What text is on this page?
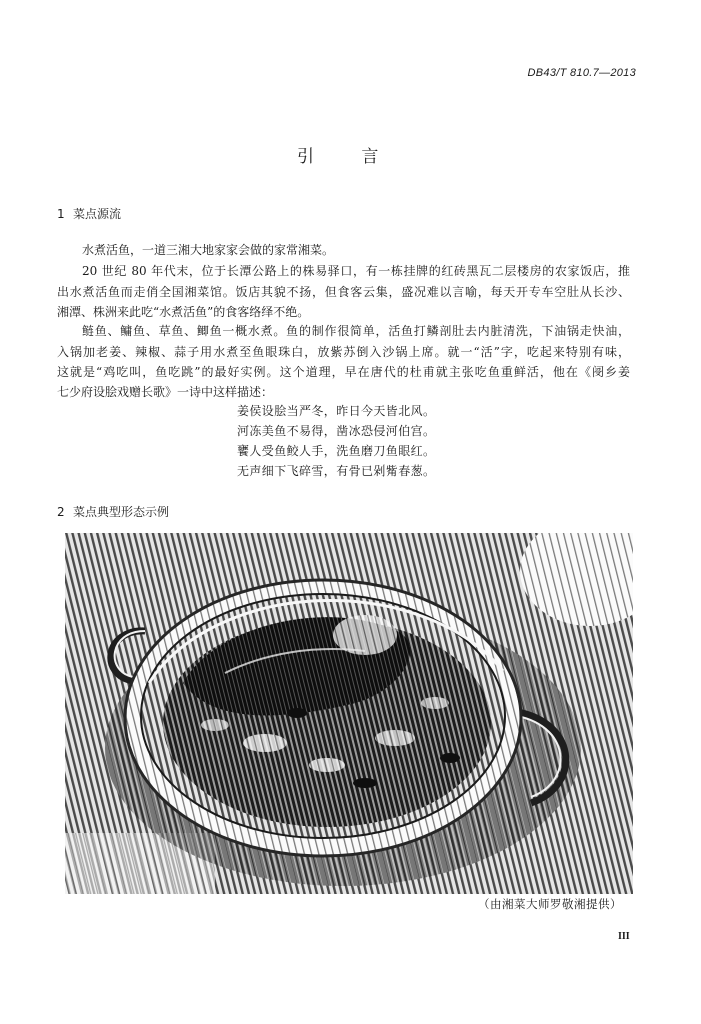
DB43/T 810.7—2013
引 言
1 菜点源流
水煮活鱼，一道三湘大地家家会做的家常湘菜。
20 世纪 80 年代末，位于长潭公路上的株易驿口，有一栋挂牌的红砖黑瓦二层楼房的农家饭店，推
出水煮活鱼而走俏全国湘菜馆。饭店其貌不扬，但食客云集，盛况难以言喻，每天开专车空肚从长沙、
湘潭、株洲来此吃“水煮活鱼”的食客络绎不绝。
鲢鱼、鳙鱼、草鱼、鲫鱼一概水煮。鱼的制作很简单，活鱼打鳞剖肚去内脏清洗，下油锅走快油，
入锅加老姜、辣椒、蒜子用水煮至鱼眼珠白，放紫苏倒入沙锅上席。就一“活”字，吃起来特别有味，
这就是“鸡吃叫，鱼吃跳”的最好实例。这个道理，早在唐代的杜甫就主张吃鱼重鲜活，他在《阌乡姜
七少府设脍戏赠长歌》一诗中这样描述：
姜侯设脍当严冬，昨日今天皆北风。
河冻美鱼不易得，凿冰恐侵河伯宫。
饔人受鱼鲛人手，洗鱼磨刀鱼眼红。
无声细下飞碎雪，有骨已剁觜春葱。
2 菜点典型形态示例
（由湘菜大师罗敬湘提供）
III
